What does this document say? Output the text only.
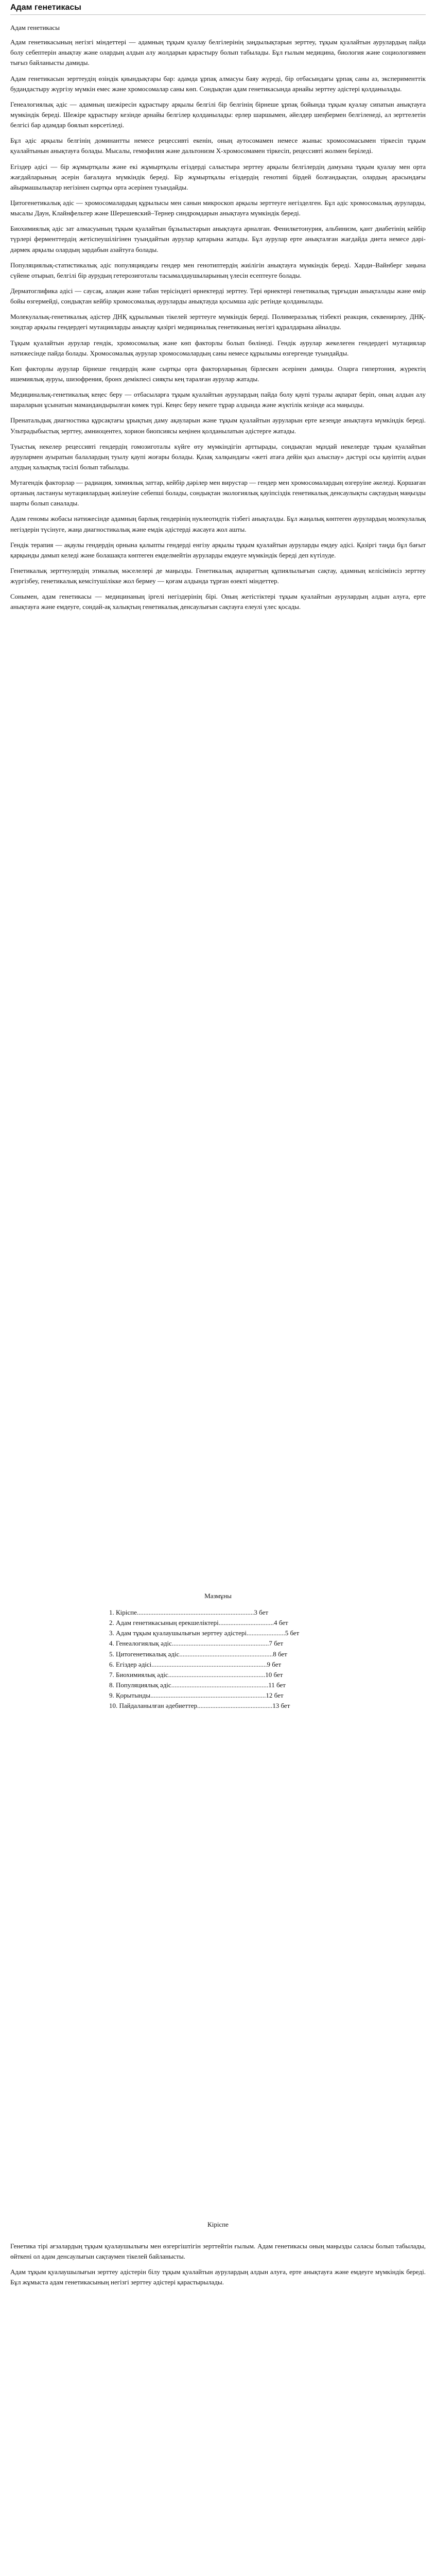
Адам генетикасы
Адам генетикасы

Адам генетикасының негізгі міндеттері — адамның тұқым қуалау белгілерінің заңдылықтарын зерттеу, тұқым қуалайтын аурулардың пайда болу себептерін анықтау және олардың алдын алу жолдарын қарастыру болып табылады. Бұл ғылым медицина, биология және социологиямен тығыз байланысты дамиды.

Адам генетикасын зерттеудің өзіндік қиындықтары бар: адамда ұрпақ алмасуы баяу жүреді, бір отбасындағы ұрпақ саны аз, эксперименттік будандастыру жүргізу мүмкін емес және хромосомалар саны көп. Сондықтан адам генетикасында арнайы зерттеу әдістері қолданылады.

Генеалогиялық әдіс — адамның шежіресін құрастыру арқылы белгілі бір белгінің бірнеше ұрпақ бойында тұқым қуалау сипатын анықтауға мүмкіндік береді. Шежіре құрастыру кезінде арнайы белгілер қолданылады: ерлер шаршымен, әйелдер шеңбермен белгіленеді, ал зерттелетін белгісі бар адамдар боялып көрсетіледі.

Бұл әдіс арқылы белгінің доминантты немесе рецессивті екенін, оның аутосомамен немесе жыныс хромосомасымен тіркесіп тұқым қуалайтынын анықтауға болады. Мысалы, гемофилия және дальтонизм Х-хромосомамен тіркесіп, рецессивті жолмен беріледі.

Егіздер әдісі — бір жұмыртқалы және екі жұмыртқалы егіздерді салыстыра зерттеу арқылы белгілердің дамуына тұқым қуалау мен орта жағдайларының әсерін бағалауға мүмкіндік береді. Бір жұмыртқалы егіздердің генотипі бірдей болғандықтан, олардың арасындағы айырмашылықтар негізінен сыртқы орта әсерінен туындайды.

Цитогенетикалық әдіс — хромосомалардың құрылысы мен санын микроскоп арқылы зерттеуге негізделген. Бұл әдіс хромосомалық ауруларды, мысалы Даун, Клайнфельтер және Шерешевский–Тернер синдромдарын анықтауға мүмкіндік береді.

Биохимиялық әдіс зат алмасуының тұқым қуалайтын бұзылыстарын анықтауға арналған. Фенилкетонурия, альбинизм, қант диабетінің кейбір түрлері ферменттердің жетіспеушілігінен туындайтын аурулар қатарына жатады. Бұл аурулар ерте анықталған жағдайда диета немесе дәрі-дәрмек арқылы олардың зардабын азайтуға болады.

Популяциялық-статистикалық әдіс популяциядағы гендер мен генотиптердің жиілігін анықтауға мүмкіндік береді. Харди–Вайнберг заңына сүйене отырып, белгілі бір аурудың гетерозиготалы тасымалдаушыларының үлесін есептеуге болады.

Дерматоглифика әдісі — саусақ, алақан және табан терісіндегі өрнектерді зерттеу. Тері өрнектері генетикалық тұрғыдан анықталады және өмір бойы өзгермейді, сондықтан кейбір хромосомалық ауруларды анықтауда қосымша әдіс ретінде қолданылады.

Молекулалық-генетикалық әдістер ДНҚ құрылымын тікелей зерттеуге мүмкіндік береді. Полимеразалық тізбекті реакция, секвенирлеу, ДНҚ-зондтар арқылы гендердегі мутацияларды анықтау қазіргі медициналық генетиканың негізгі құралдарына айналды.

Тұқым қуалайтын аурулар гендік, хромосомалық және көп факторлы болып бөлінеді. Гендік аурулар жекелеген гендердегі мутациялар нәтижесінде пайда болады. Хромосомалық аурулар хромосомалардың саны немесе құрылымы өзгергенде туындайды.

Көп факторлы аурулар бірнеше гендердің және сыртқы орта факторларының бірлескен әсерінен дамиды. Оларға гипертония, жүректің ишемиялық ауруы, шизофрения, бронх демікпесі сияқты кең таралған аурулар жатады.

Медициналық-генетикалық кеңес беру — отбасыларға тұқым қуалайтын аурулардың пайда болу қаупі туралы ақпарат беріп, оның алдын алу шараларын ұсынатын мамандандырылған көмек түрі. Кеңес беру некеге тұрар алдында және жүктілік кезінде аса маңызды.

Пренатальдық диагностика құрсақтағы ұрықтың даму ақауларын және тұқым қуалайтын ауруларын ерте кезеңде анықтауға мүмкіндік береді. Ультрадыбыстық зерттеу, амниоцентез, хорион биопсиясы кеңінен қолданылатын әдістерге жатады.

Туыстық некелер рецессивті гендердің гомозиготалы күйге өту мүмкіндігін арттырады, сондықтан мұндай некелерде тұқым қуалайтын аурулармен ауыратын балалардың туылу қаупі жоғары болады. Қазақ халқындағы «жеті атаға дейін қыз алыспау» дәстүрі осы қауіптің алдын алудың халықтық тәсілі болып табылады.

Мутагендік факторлар — радиация, химиялық заттар, кейбір дәрілер мен вирустар — гендер мен хромосомалардың өзгеруіне әкеледі. Қоршаған ортаның ластануы мутациялардың жиілеуіне себепші болады, сондықтан экологиялық қауіпсіздік генетикалық денсаулықты сақтаудың маңызды шарты болып саналады.

Адам геномы жобасы нәтижесінде адамның барлық гендерінің нуклеотидтік тізбегі анықталды. Бұл жаңалық көптеген аурулардың молекулалық негіздерін түсінуге, жаңа диагностикалық және емдік әдістерді жасауға жол ашты.

Гендік терапия — ақаулы гендердің орнына қалыпты гендерді енгізу арқылы тұқым қуалайтын ауруларды емдеу әдісі. Қазіргі таңда бұл бағыт қарқынды дамып келеді және болашақта көптеген емделмейтін ауруларды емдеуге мүмкіндік береді деп күтілуде.

Генетикалық зерттеулердің этикалық мәселелері де маңызды. Генетикалық ақпараттың құпиялылығын сақтау, адамның келісімінсіз зерттеу жүргізбеу, генетикалық кемсітушілікке жол бермеу — қоғам алдында тұрған өзекті міндеттер.

Сонымен, адам генетикасы — медицинаның іргелі негіздерінің бірі. Оның жетістіктері тұқым қуалайтын аурулардың алдын алуға, ерте анықтауға және емдеуге, сондай-ақ халықтың генетикалық денсаулығын сақтауға елеулі үлес қосады.

Мазмұны
1. Кіріспе......................................................................3 бет
2. Адам генетикасының ерекшеліктері.................................4 бет
3. Адам тұқым қуалаушылығын зерттеу әдістері.......................5 бет
4. Генеалогиялық әдіс..........................................................7 бет
5. Цитогенетикалық әдіс........................................................8 бет
6. Егіздер әдісі.....................................................................9 бет
7. Биохимиялық әдіс..........................................................10 бет
8. Популяциялық әдіс..........................................................11 бет
9. Қорытынды.....................................................................12 бет
10. Пайдаланылған әдебиеттер.............................................13 бет
Кіріспе

Генетика тірі ағзалардың тұқым қуалаушылығы мен өзгергіштігін зерттейтін ғылым. Адам генетикасы оның маңызды саласы болып табылады, өйткені ол адам денсаулығын сақтаумен тікелей байланысты.

Адам тұқым қуалаушылығын зерттеу әдістерін білу тұқым қуалайтын аурулардың алдын алуға, ерте анықтауға және емдеуге мүмкіндік береді. Бұл жұмыста адам генетикасының негізгі зерттеу әдістері қарастырылады.
